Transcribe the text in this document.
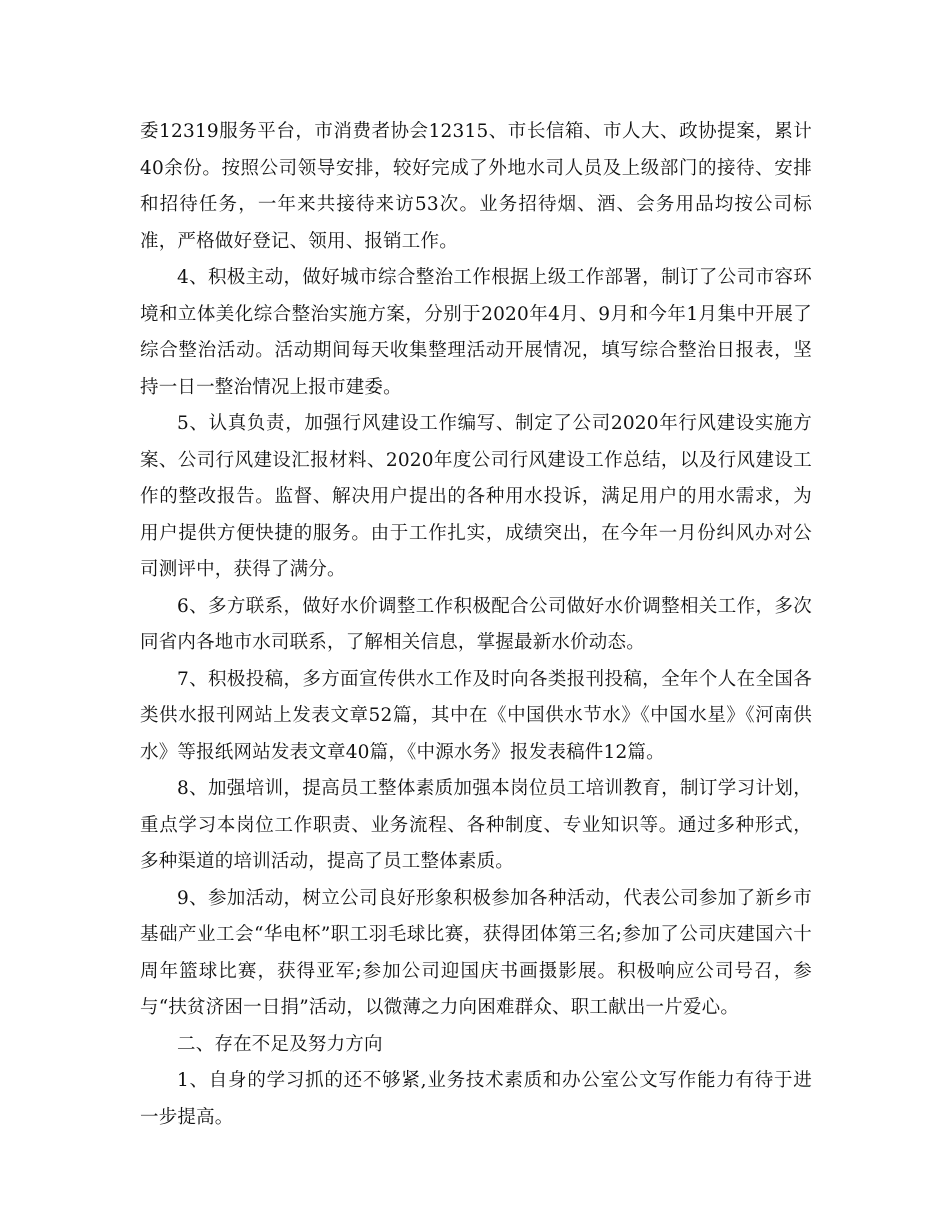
委12319服务平台，市消费者协会12315、市长信箱、市人大、政协提案，累计40余份。按照公司领导安排，较好完成了外地水司人员及上级部门的接待、安排和招待任务，一年来共接待来访53次。业务招待烟、酒、会务用品均按公司标准，严格做好登记、领用、报销工作。

4、积极主动，做好城市综合整治工作根据上级工作部署，制订了公司市容环境和立体美化综合整治实施方案，分别于2020年4月、9月和今年1月集中开展了综合整治活动。活动期间每天收集整理活动开展情况，填写综合整治日报表，坚持一日一整治情况上报市建委。

5、认真负责，加强行风建设工作编写、制定了公司2020年行风建设实施方案、公司行风建设汇报材料、2020年度公司行风建设工作总结，以及行风建设工作的整改报告。监督、解决用户提出的各种用水投诉，满足用户的用水需求，为用户提供方便快捷的服务。由于工作扎实，成绩突出，在今年一月份纠风办对公司测评中，获得了满分。

6、多方联系，做好水价调整工作积极配合公司做好水价调整相关工作，多次同省内各地市水司联系，了解相关信息，掌握最新水价动态。

7、积极投稿，多方面宣传供水工作及时向各类报刊投稿，全年个人在全国各类供水报刊网站上发表文章52篇，其中在《中国供水节水》《中国水星》《河南供水》等报纸网站发表文章40篇，《中源水务》报发表稿件12篇。

8、加强培训，提高员工整体素质加强本岗位员工培训教育，制订学习计划，重点学习本岗位工作职责、业务流程、各种制度、专业知识等。通过多种形式，多种渠道的培训活动，提高了员工整体素质。

9、参加活动，树立公司良好形象积极参加各种活动，代表公司参加了新乡市基础产业工会“华电杯”职工羽毛球比赛，获得团体第三名;参加了公司庆建国六十周年篮球比赛，获得亚军;参加公司迎国庆书画摄影展。积极响应公司号召，参与“扶贫济困一日捐”活动，以微薄之力向困难群众、职工献出一片爱心。

二、存在不足及努力方向

1、自身的学习抓的还不够紧,业务技术素质和办公室公文写作能力有待于进一步提高。
